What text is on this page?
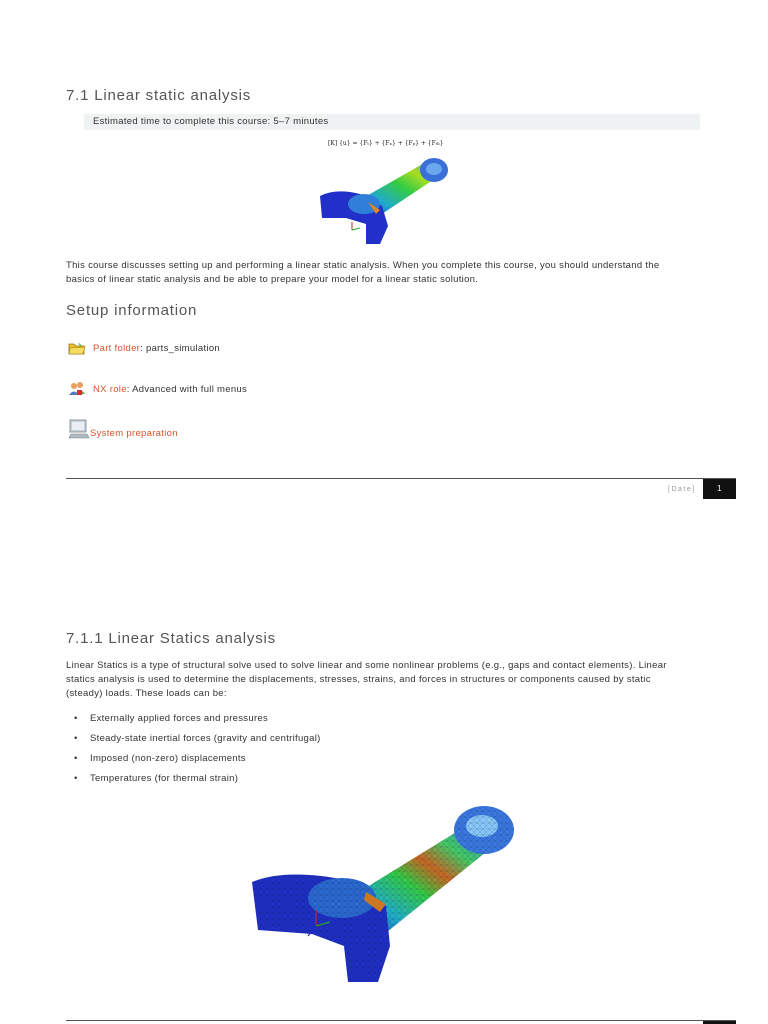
7.1 Linear static analysis
Estimated time to complete this course: 5–7 minutes
[K] {u} = {Fₜ} + {Fₓ} + {Fₚ} + {Fₜₕ}
This course discusses setting up and performing a linear static analysis. When you complete this course, you should understand the
basics of linear static analysis and be able to prepare your model for a linear static solution.
Setup information
Part folder : parts_simulation
NX role : Advanced with full menus
System preparation
[Date]	1
7.1.1 Linear Statics analysis
Linear Statics is a type of structural solve used to solve linear and some nonlinear problems (e.g., gaps and contact elements). Linear
statics analysis is used to determine the displacements, stresses, strains, and forces in structures or components caused by static
(steady) loads. These loads can be:
• Externally applied forces and pressures
• Steady-state inertial forces (gravity and centrifugal)
• Imposed (non-zero) displacements
• Temperatures (for thermal strain)
